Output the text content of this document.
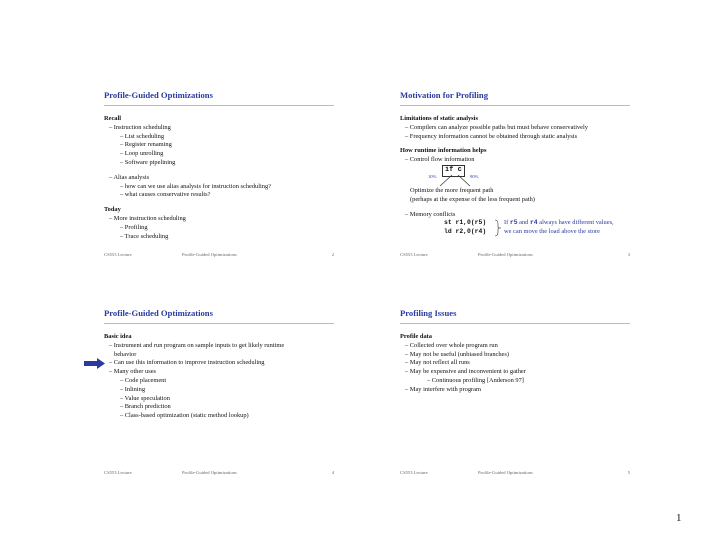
Profile-Guided Optimizations
Recall
– Instruction scheduling
– List scheduling
– Register renaming
– Loop unrolling
– Software pipelining
– Alias analysis
– how can we use alias analysis for instruction scheduling?
– what causes conservative results?
Today
– More instruction scheduling
– Profiling
– Trace scheduling
CS553 Lecture	Profile-Guided Optimizations	2
Motivation for Profiling
Limitations of static analysis
– Compilers can analyze possible paths but must behave conservatively
– Frequency information cannot be obtained through static analysis
How runtime information helps
– Control flow information
if c
10%	90%
Optimize the more frequent path
(perhaps at the expense of the less frequent path)
– Memory conflicts
st r1,0(r5)
ld r2,0(r4)
If r5 and r4 always have different values,
we can move the load above the store
CS553 Lecture	Profile-Guided Optimizations	3
Profile-Guided Optimizations
Basic idea
– Instrument and run program on sample inputs to get likely runtime
behavior
– Can use this information to improve instruction scheduling
– Many other uses
– Code placement
– Inlining
– Value speculation
– Branch prediction
– Class-based optimization (static method lookup)
CS553 Lecture	Profile-Guided Optimizations	4
Profiling Issues
Profile data
– Collected over whole program run
– May not be useful (unbiased branches)
– May not reflect all runs
– May be expensive and inconvenient to gather
– Continuous profiling [Anderson 97]
– May interfere with program
CS553 Lecture	Profile-Guided Optimizations	5
1
